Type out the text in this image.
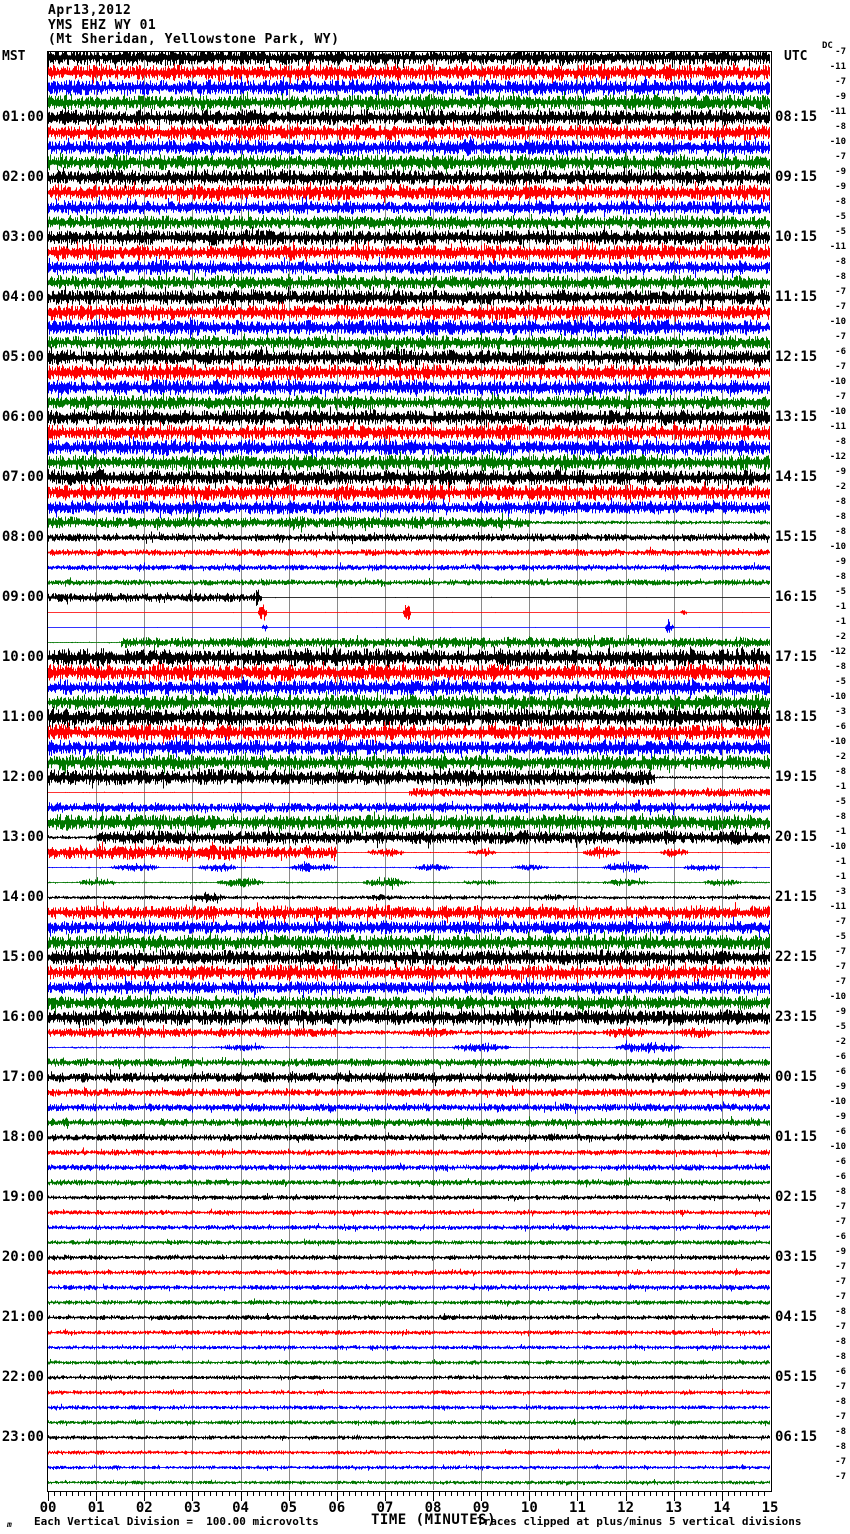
Apr13,2012
YMS EHZ WY 01
(Mt Sheridan, Yellowstone Park, WY)
MST	UTC
DC
01:00
02:00
03:00
04:00
05:00
06:00
07:00
08:00
09:00
10:00
11:00
12:00
13:00
14:00
15:00
16:00
17:00
18:00
19:00
20:00
21:00
22:00
23:00
08:15
09:15
10:15
11:15
12:15
13:15
14:15
15:15
16:15
17:15
18:15
19:15
20:15
21:15
22:15
23:15
00:15
01:15
02:15
03:15
04:15
05:15
06:15
-7
-11
-7
-9
-11
-8
-10
-7
-9
-9
-8
-5
-5
-11
-8
-8
-7
-7
-10
-7
-6
-7
-10
-7
-10
-11
-8
-12
-9
-2
-8
-8
-8
-10
-9
-8
-5
-1
-1
-2
-12
-8
-5
-10
-3
-6
-10
-2
-8
-1
-5
-8
-1
-10
-1
-1
-3
-11
-7
-5
-7
-7
-7
-10
-9
-5
-2
-6
-6
-9
-10
-9
-6
-10
-6
-6
-8
-7
-7
-6
-9
-7
-7
-7
-8
-7
-8
-8
-6
-7
-8
-7
-8
-8
-7
-7
00 01 02 03 04 05 06 07 08 09 10 11 12 13 14 15
m Each Vertical Division =  100.00 microvolts	TIME (MINUTES)
Traces clipped at plus/minus 5 vertical divisions
